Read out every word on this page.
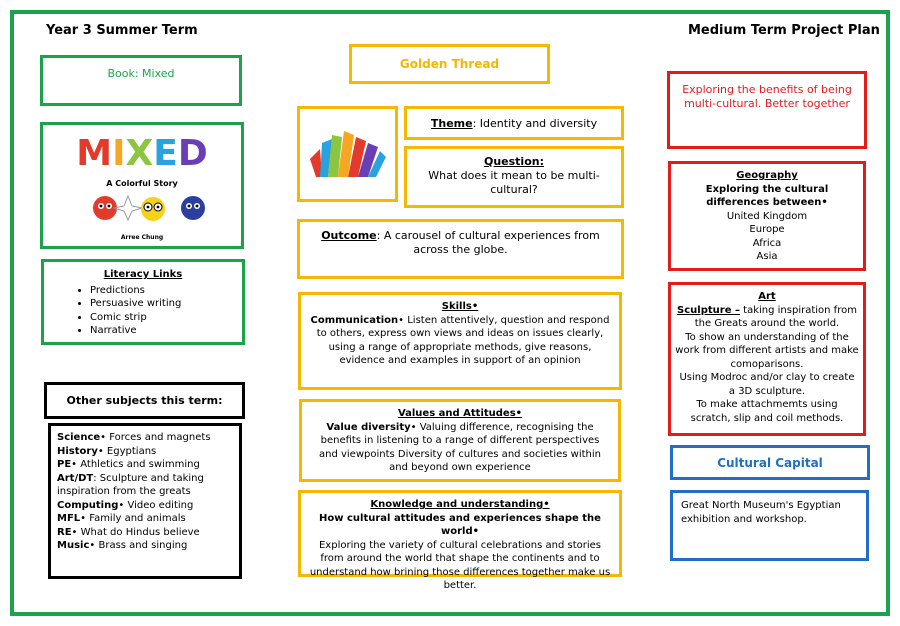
Year 3 Summer Term	Medium Term Project Plan
Book: Mixed
MIXED
A Colorful Story
Arree Chung
Literacy Links
• Predictions
• Persuasive writing
• Comic strip
• Narrative
Other subjects this term:
Science• Forces and magnets
History• Egyptians
PE• Athletics and swimming
Art/DT: Sculpture and taking inspiration from the greats
Computing• Video editing
MFL• Family and animals
RE• What do Hindus believe
Music• Brass and singing
Golden Thread
Theme: Identity and diversity
Question:
What does it mean to be multi-cultural?
Outcome: A carousel of cultural experiences from across the globe.
Skills•
Communication• Listen attentively, question and respond to others, express own views and ideas on issues clearly, using a range of appropriate methods, give reasons, evidence and examples in support of an opinion
Values and Attitudes•
Value diversity• Valuing difference, recognising the benefits in listening to a range of different perspectives and viewpoints Diversity of cultures and societies within and beyond own experience
Knowledge and understanding•
How cultural attitudes and experiences shape the world•
Exploring the variety of cultural celebrations and stories from around the world that shape the continents and to understand how brining those differences together make us better.
Exploring the benefits of being multi-cultural. Better together
Geography
Exploring the cultural differences between•
United Kingdom
Europe
Africa
Asia
Art
Sculpture – taking inspiration from the Greats around the world.
To show an understanding of the work from different artists and make comoparisons.
Using Modroc and/or clay to create a 3D sculpture.
To make attachmemts using scratch, slip and coil methods.
Cultural Capital
Great North Museum's Egyptian exhibition and workshop.
